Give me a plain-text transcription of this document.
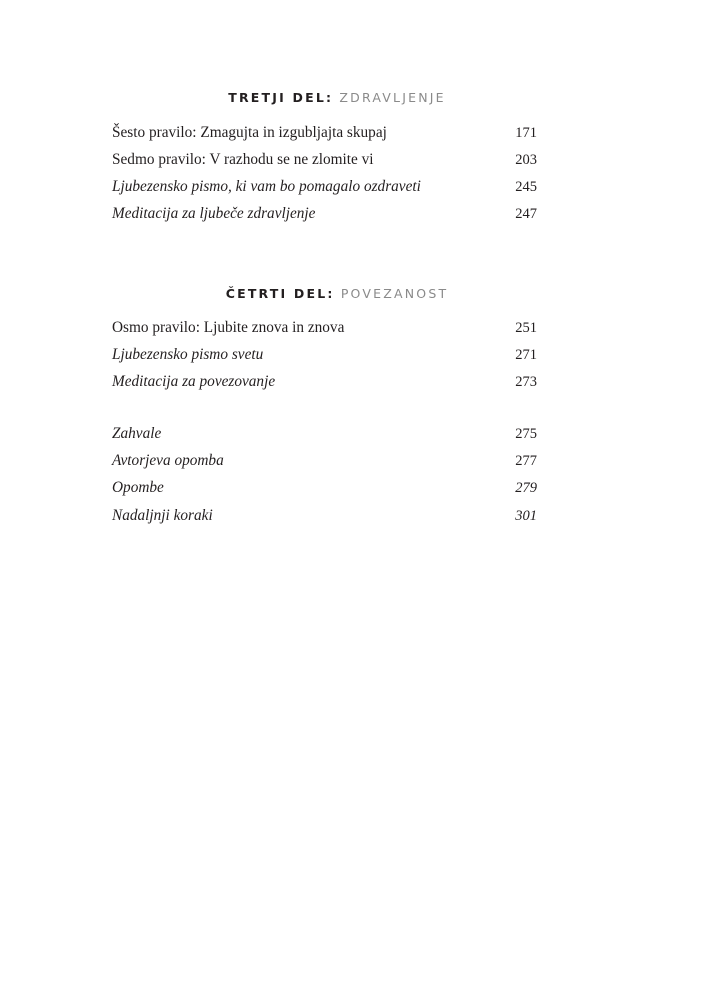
TRETJI DEL: ZDRAVLJENJE
Šesto pravilo: Zmagujta in izgubljajta skupaj	171
Sedmo pravilo: V razhodu se ne zlomite vi	203
Ljubezensko pismo, ki vam bo pomagalo ozdraveti	245
Meditacija za ljubeče zdravljenje	247
ČETRTI DEL: POVEZANOST
Osmo pravilo: Ljubite znova in znova	251
Ljubezensko pismo svetu	271
Meditacija za povezovanje	273
Zahvale	275
Avtorjeva opomba	277
Opombe	279
Nadaljnji koraki	301
